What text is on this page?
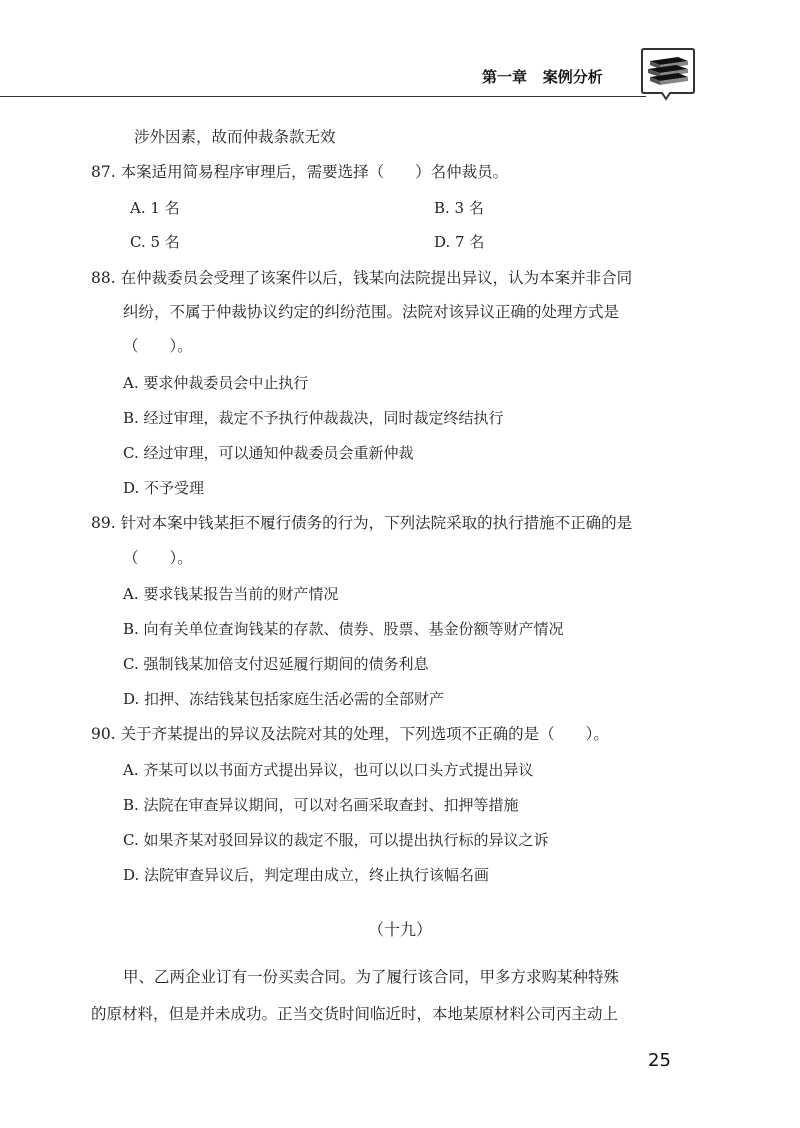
第一章 案例分析
涉外因素，故而仲裁条款无效
87. 本案适用简易程序审理后，需要选择（　　）名仲裁员。
A. 1 名	B. 3 名
C. 5 名	D. 7 名
88. 在仲裁委员会受理了该案件以后，钱某向法院提出异议，认为本案并非合同
纠纷，不属于仲裁协议约定的纠纷范围。法院对该异议正确的处理方式是
（　　）。
A. 要求仲裁委员会中止执行
B. 经过审理，裁定不予执行仲裁裁决，同时裁定终结执行
C. 经过审理，可以通知仲裁委员会重新仲裁
D. 不予受理
89. 针对本案中钱某拒不履行债务的行为，下列法院采取的执行措施不正确的是
（　　）。
A. 要求钱某报告当前的财产情况
B. 向有关单位查询钱某的存款、债券、股票、基金份额等财产情况
C. 强制钱某加倍支付迟延履行期间的债务利息
D. 扣押、冻结钱某包括家庭生活必需的全部财产
90. 关于齐某提出的异议及法院对其的处理，下列选项不正确的是（　　）。
A. 齐某可以以书面方式提出异议，也可以以口头方式提出异议
B. 法院在审查异议期间，可以对名画采取查封、扣押等措施
C. 如果齐某对驳回异议的裁定不服，可以提出执行标的异议之诉
D. 法院审查异议后，判定理由成立，终止执行该幅名画
（十九）
甲、乙两企业订有一份买卖合同。为了履行该合同，甲多方求购某种特殊
的原材料，但是并未成功。正当交货时间临近时，本地某原材料公司丙主动上
25
